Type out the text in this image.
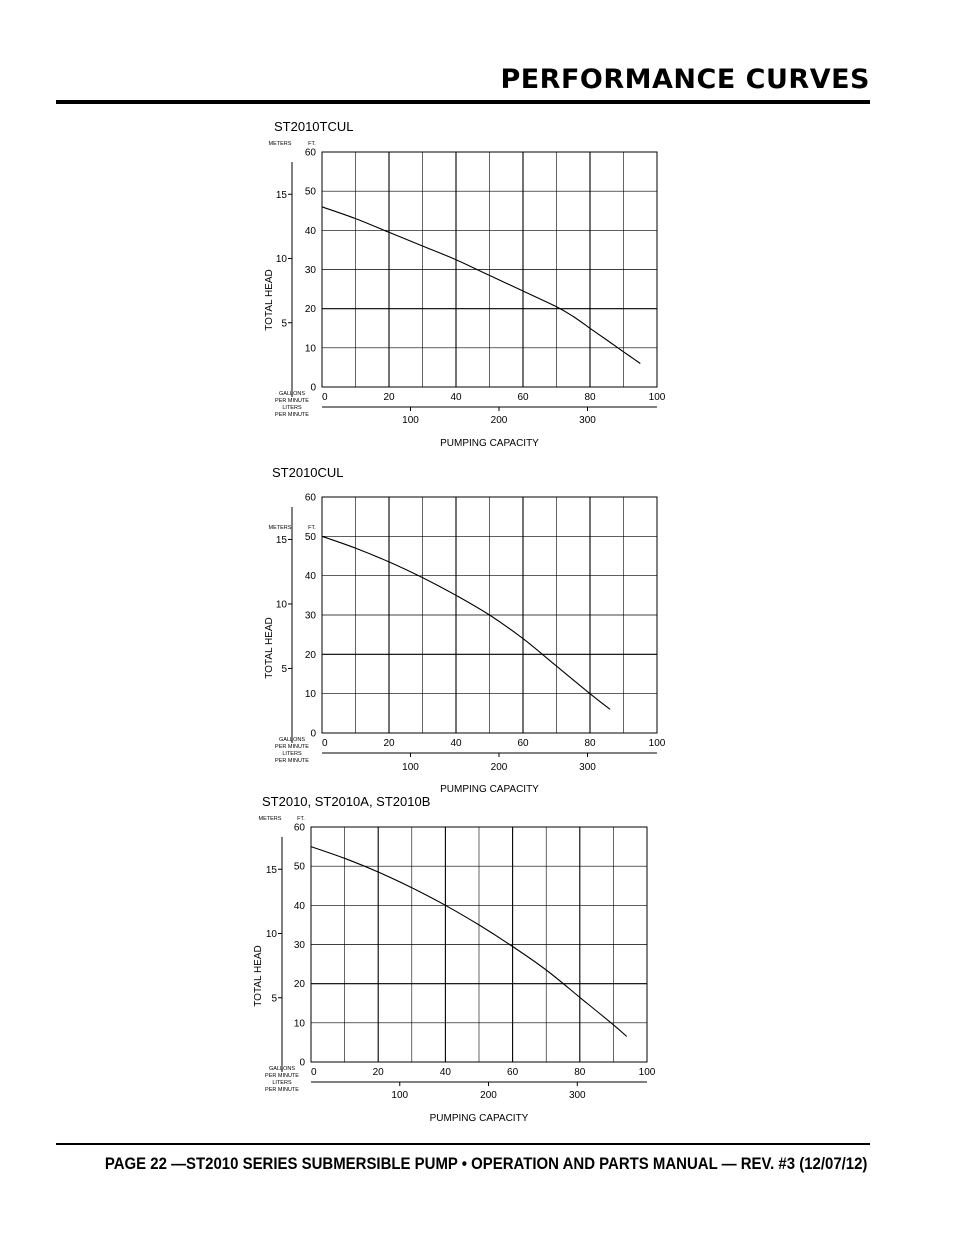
PERFORMANCE CURVES
ST2010TCUL
0
10
20
30
40
50
60
0	20	40	60	80	100
5
10
15
METERS	FT.
TOTAL HEAD
GALLONS PER MINUTE
LITERS PER MINUTE	100	200	300
PUMPING CAPACITY
ST2010CUL
0
10
20
30
40
50
60
0	20	40	60	80	100
5
10
15
METERS	FT.
TOTAL HEAD
GALLONS PER MINUTE
LITERS PER MINUTE
100	200	300
PUMPING CAPACITY
ST2010, ST2010A, ST2010B
0
10
20
30
40
50
60
0	20	40	60	80	100
5
10
15
METERS	FT.
TOTAL HEAD
GALLONS PER MINUTE
LITERS PER MINUTE	100	200	300
PUMPING CAPACITY
PAGE 22 —ST2010 SERIES SUBMERSIBLE PUMP • OPERATION AND PARTS MANUAL — REV. #3 (12/07/12)
